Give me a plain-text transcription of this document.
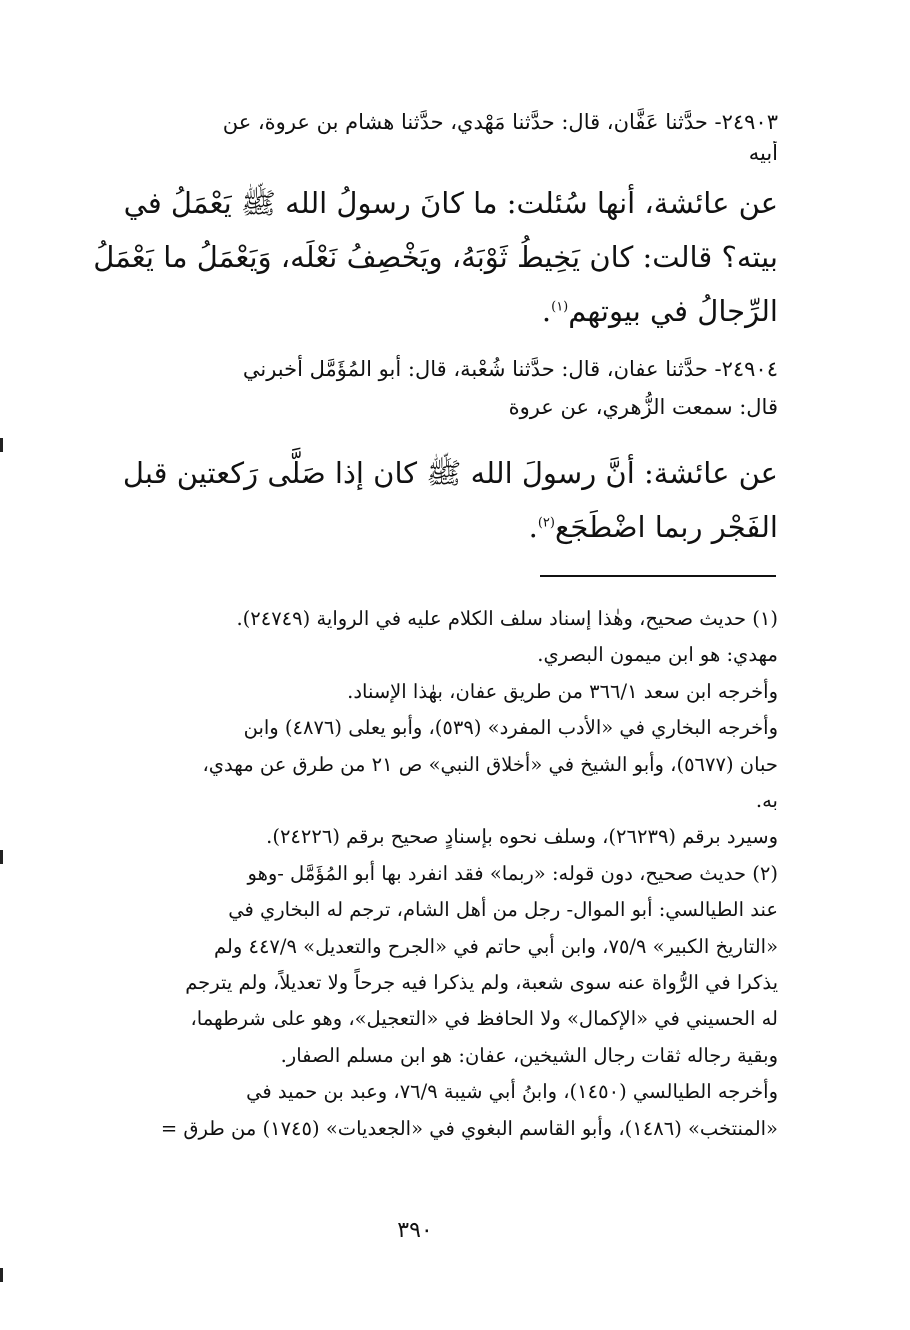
٢٤٩٠٣- حدَّثنا عَفَّان، قال: حدَّثنا مَهْدي، حدَّثنا هشام بن عروة، عن
أبيه
عن عائشة، أنها سُئلت: ما كانَ رسولُ الله ﷺ يَعْمَلُ في
بيته؟ قالت: كان يَخِيطُ ثَوْبَهُ، ويَخْصِفُ نَعْلَه، وَيَعْمَلُ ما يَعْمَلُ
الرِّجالُ في بيوتهم$^{(١)}$.
٢٤٩٠٤- حدَّثنا عفان، قال: حدَّثنا شُعْبة، قال: أبو المُؤَمَّل أخبرني
قال: سمعت الزُّهري، عن عروة
عن عائشة: أنَّ رسولَ الله ﷺ كان إذا صَلَّى رَكعتين قبل
الفَجْر ربما اضْطَجَع$^{(٢)}$.
(١) حديث صحيح، وهٰذا إسناد سلف الكلام عليه في الرواية (٢٤٧٤٩).
مهدي: هو ابن ميمون البصري.
وأخرجه ابن سعد ٣٦٦/١ من طريق عفان، بهٰذا الإسناد.
وأخرجه البخاري في «الأدب المفرد» (٥٣٩)، وأبو يعلى (٤٨٧٦) وابن
حبان (٥٦٧٧)، وأبو الشيخ في «أخلاق النبي» ص ٢١ من طرق عن مهدي،
به.
وسيرد برقم (٢٦٢٣٩)، وسلف نحوه بإسنادٍ صحيح برقم (٢٤٢٢٦).
(٢) حديث صحيح، دون قوله: «ربما» فقد انفرد بها أبو المُؤَمَّل -وهو
عند الطيالسي: أبو الموال- رجل من أهل الشام، ترجم له البخاري في
«التاريخ الكبير» ٧٥/٩، وابن أبي حاتم في «الجرح والتعديل» ٤٤٧/٩ ولم
يذكرا في الرُّواة عنه سوى شعبة، ولم يذكرا فيه جرحاً ولا تعديلاً، ولم يترجم
له الحسيني في «الإكمال» ولا الحافظ في «التعجيل»، وهو على شرطهما،
وبقية رجاله ثقات رجال الشيخين، عفان: هو ابن مسلم الصفار.
وأخرجه الطيالسي (١٤٥٠)، وابنُ أبي شيبة ٧٦/٩، وعبد بن حميد في
«المنتخب» (١٤٨٦)، وأبو القاسم البغوي في «الجعديات» (١٧٤٥) من طرق =
٣٩٠
